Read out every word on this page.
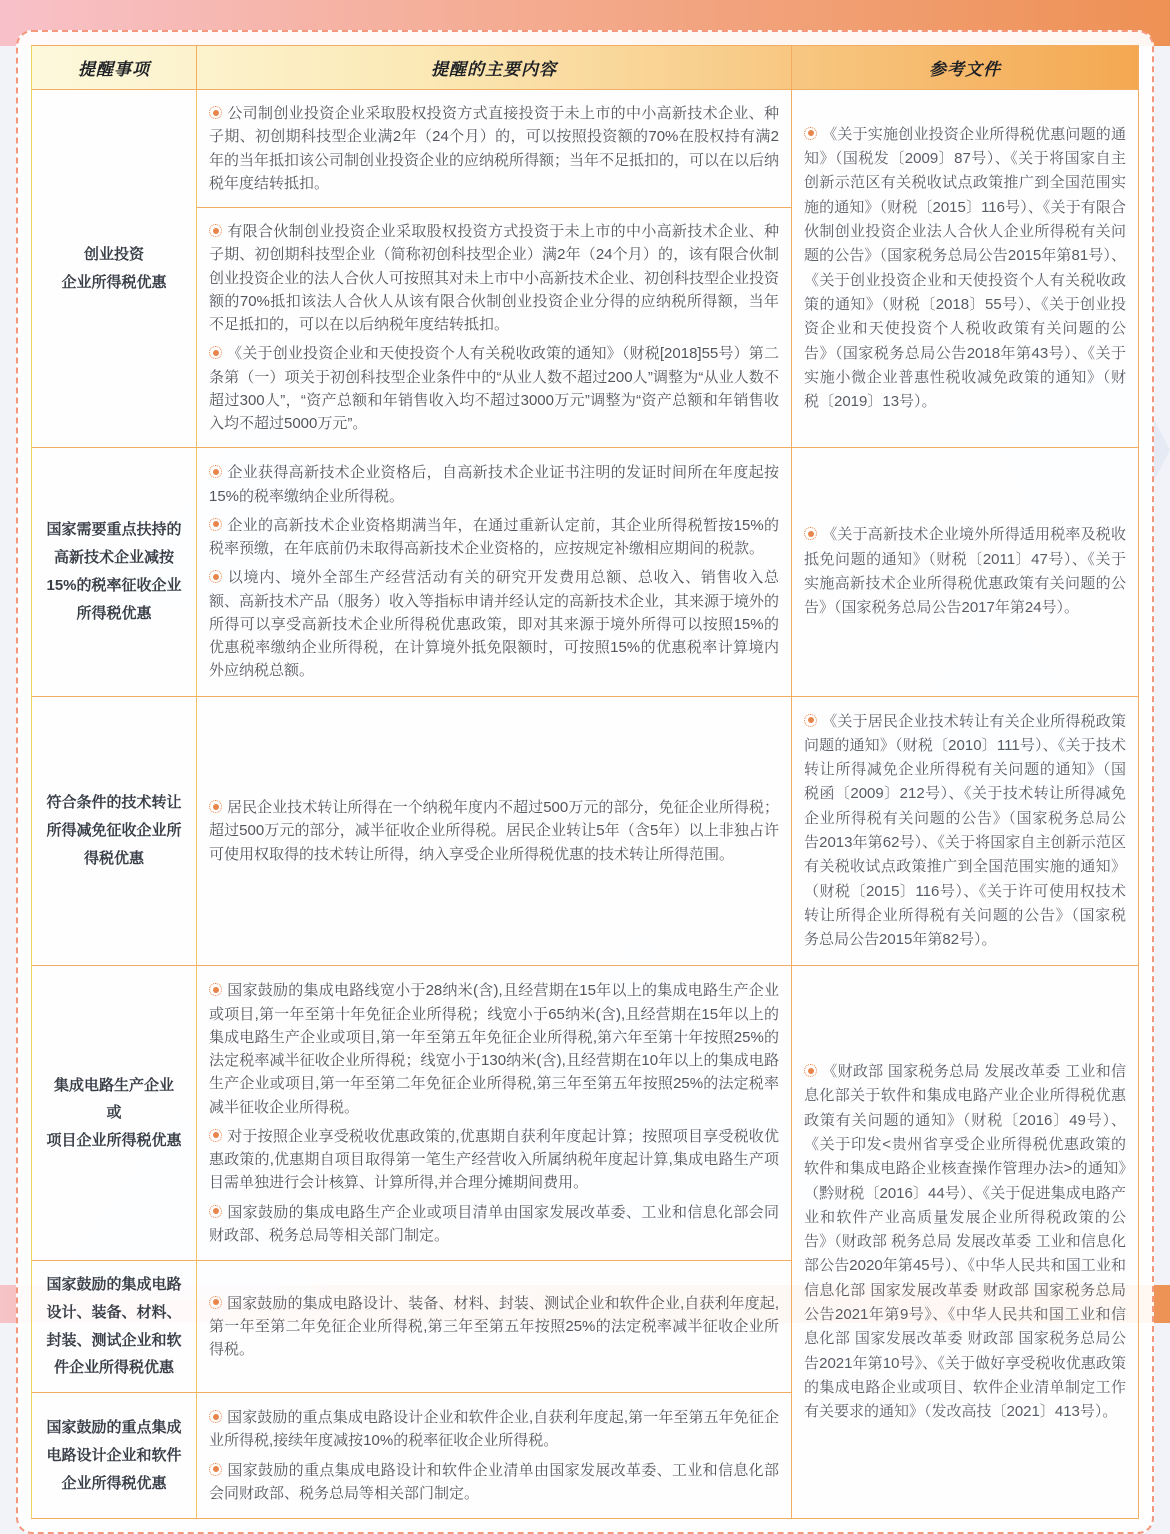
提醒事项	提醒的主要内容	参考文件
创业投资
企业所得税优惠

公司制创业投资企业采取股权投资方式直接投资于未上市的中小高新技术企业、种子期、初创期科技型企业满2年（24个月）的，可以按照投资额的70%在股权持有满2年的当年抵扣该公司制创业投资企业的应纳税所得额；当年不足抵扣的，可以在以后纳税年度结转抵扣。

有限合伙制创业投资企业采取股权投资方式投资于未上市的中小高新技术企业、种子期、初创期科技型企业（简称初创科技型企业）满2年（24个月）的，该有限合伙制创业投资企业的法人合伙人可按照其对未上市中小高新技术企业、初创科技型企业投资额的70%抵扣该法人合伙人从该有限合伙制创业投资企业分得的应纳税所得额，当年不足抵扣的，可以在以后纳税年度结转抵扣。

《关于创业投资企业和天使投资个人有关税收政策的通知》（财税[2018]55号）第二条第（一）项关于初创科技型企业条件中的“从业人数不超过200人”调整为“从业人数不超过300人”，“资产总额和年销售收入均不超过3000万元”调整为“资产总额和年销售收入均不超过5000万元”。

《关于实施创业投资企业所得税优惠问题的通知》（国税发〔2009〕87号）、《关于将国家自主创新示范区有关税收试点政策推广到全国范围实施的通知》（财税〔2015〕116号）、《关于有限合伙制创业投资企业法人合伙人企业所得税有关问题的公告》（国家税务总局公告2015年第81号）、《关于创业投资企业和天使投资个人有关税收政策的通知》（财税〔2018〕55号）、《关于创业投资企业和天使投资个人税收政策有关问题的公告》（国家税务总局公告2018年第43号）、《关于实施小微企业普惠性税收减免政策的通知》（财税〔2019〕13号）。

国家需要重点扶持的高新技术企业减按15%的税率征收企业所得税优惠

企业获得高新技术企业资格后，自高新技术企业证书注明的发证时间所在年度起按15%的税率缴纳企业所得税。

企业的高新技术企业资格期满当年，在通过重新认定前，其企业所得税暂按15%的税率预缴，在年底前仍未取得高新技术企业资格的，应按规定补缴相应期间的税款。

以境内、境外全部生产经营活动有关的研究开发费用总额、总收入、销售收入总额、高新技术产品（服务）收入等指标申请并经认定的高新技术企业，其来源于境外的所得可以享受高新技术企业所得税优惠政策，即对其来源于境外所得可以按照15%的优惠税率缴纳企业所得税，在计算境外抵免限额时，可按照15%的优惠税率计算境内外应纳税总额。

《关于高新技术企业境外所得适用税率及税收抵免问题的通知》（财税〔2011〕47号）、《关于实施高新技术企业所得税优惠政策有关问题的公告》（国家税务总局公告2017年第24号）。

符合条件的技术转让所得减免征收企业所得税优惠

居民企业技术转让所得在一个纳税年度内不超过500万元的部分，免征企业所得税；超过500万元的部分，减半征收企业所得税。居民企业转让5年（含5年）以上非独占许可使用权取得的技术转让所得，纳入享受企业所得税优惠的技术转让所得范围。

《关于居民企业技术转让有关企业所得税政策问题的通知》（财税〔2010〕111号）、《关于技术转让所得减免企业所得税有关问题的通知》（国税函〔2009〕212号）、《关于技术转让所得减免企业所得税有关问题的公告》（国家税务总局公告2013年第62号）、《关于将国家自主创新示范区有关税收试点政策推广到全国范围实施的通知》（财税〔2015〕116号）、《关于许可使用权技术转让所得企业所得税有关问题的公告》（国家税务总局公告2015年第82号）。

集成电路生产企业
或
项目企业所得税优惠

国家鼓励的集成电路线宽小于28纳米(含),且经营期在15年以上的集成电路生产企业或项目,第一年至第十年免征企业所得税；线宽小于65纳米(含),且经营期在15年以上的集成电路生产企业或项目,第一年至第五年免征企业所得税,第六年至第十年按照25%的法定税率减半征收企业所得税；线宽小于130纳米(含),且经营期在10年以上的集成电路生产企业或项目,第一年至第二年免征企业所得税,第三年至第五年按照25%的法定税率减半征收企业所得税。

对于按照企业享受税收优惠政策的,优惠期自获利年度起计算；按照项目享受税收优惠政策的,优惠期自项目取得第一笔生产经营收入所属纳税年度起计算,集成电路生产项目需单独进行会计核算、计算所得,并合理分摊期间费用。

国家鼓励的集成电路生产企业或项目清单由国家发展改革委、工业和信息化部会同财政部、税务总局等相关部门制定。

《财政部 国家税务总局 发展改革委 工业和信息化部关于软件和集成电路产业企业所得税优惠政策有关问题的通知》（财税〔2016〕49号）、《关于印发<贵州省享受企业所得税优惠政策的软件和集成电路企业核查操作管理办法>的通知》（黔财税〔2016〕44号）、《关于促进集成电路产业和软件产业高质量发展企业所得税政策的公告》（财政部 税务总局 发展改革委 工业和信息化部公告2020年第45号）、《中华人民共和国工业和信息化部 国家发展改革委 财政部 国家税务总局公告2021年第9号》、《中华人民共和国工业和信息化部 国家发展改革委 财政部 国家税务总局公告2021年第10号》、《关于做好享受税收优惠政策的集成电路企业或项目、软件企业清单制定工作有关要求的通知》（发改高技〔2021〕413号）。

国家鼓励的集成电路设计、装备、材料、封装、测试企业和软件企业所得税优惠

国家鼓励的集成电路设计、装备、材料、封装、测试企业和软件企业,自获利年度起,第一年至第二年免征企业所得税,第三年至第五年按照25%的法定税率减半征收企业所得税。

国家鼓励的重点集成电路设计企业和软件企业所得税优惠

国家鼓励的重点集成电路设计企业和软件企业,自获利年度起,第一年至第五年免征企业所得税,接续年度减按10%的税率征收企业所得税。

国家鼓励的重点集成电路设计和软件企业清单由国家发展改革委、工业和信息化部会同财政部、税务总局等相关部门制定。
